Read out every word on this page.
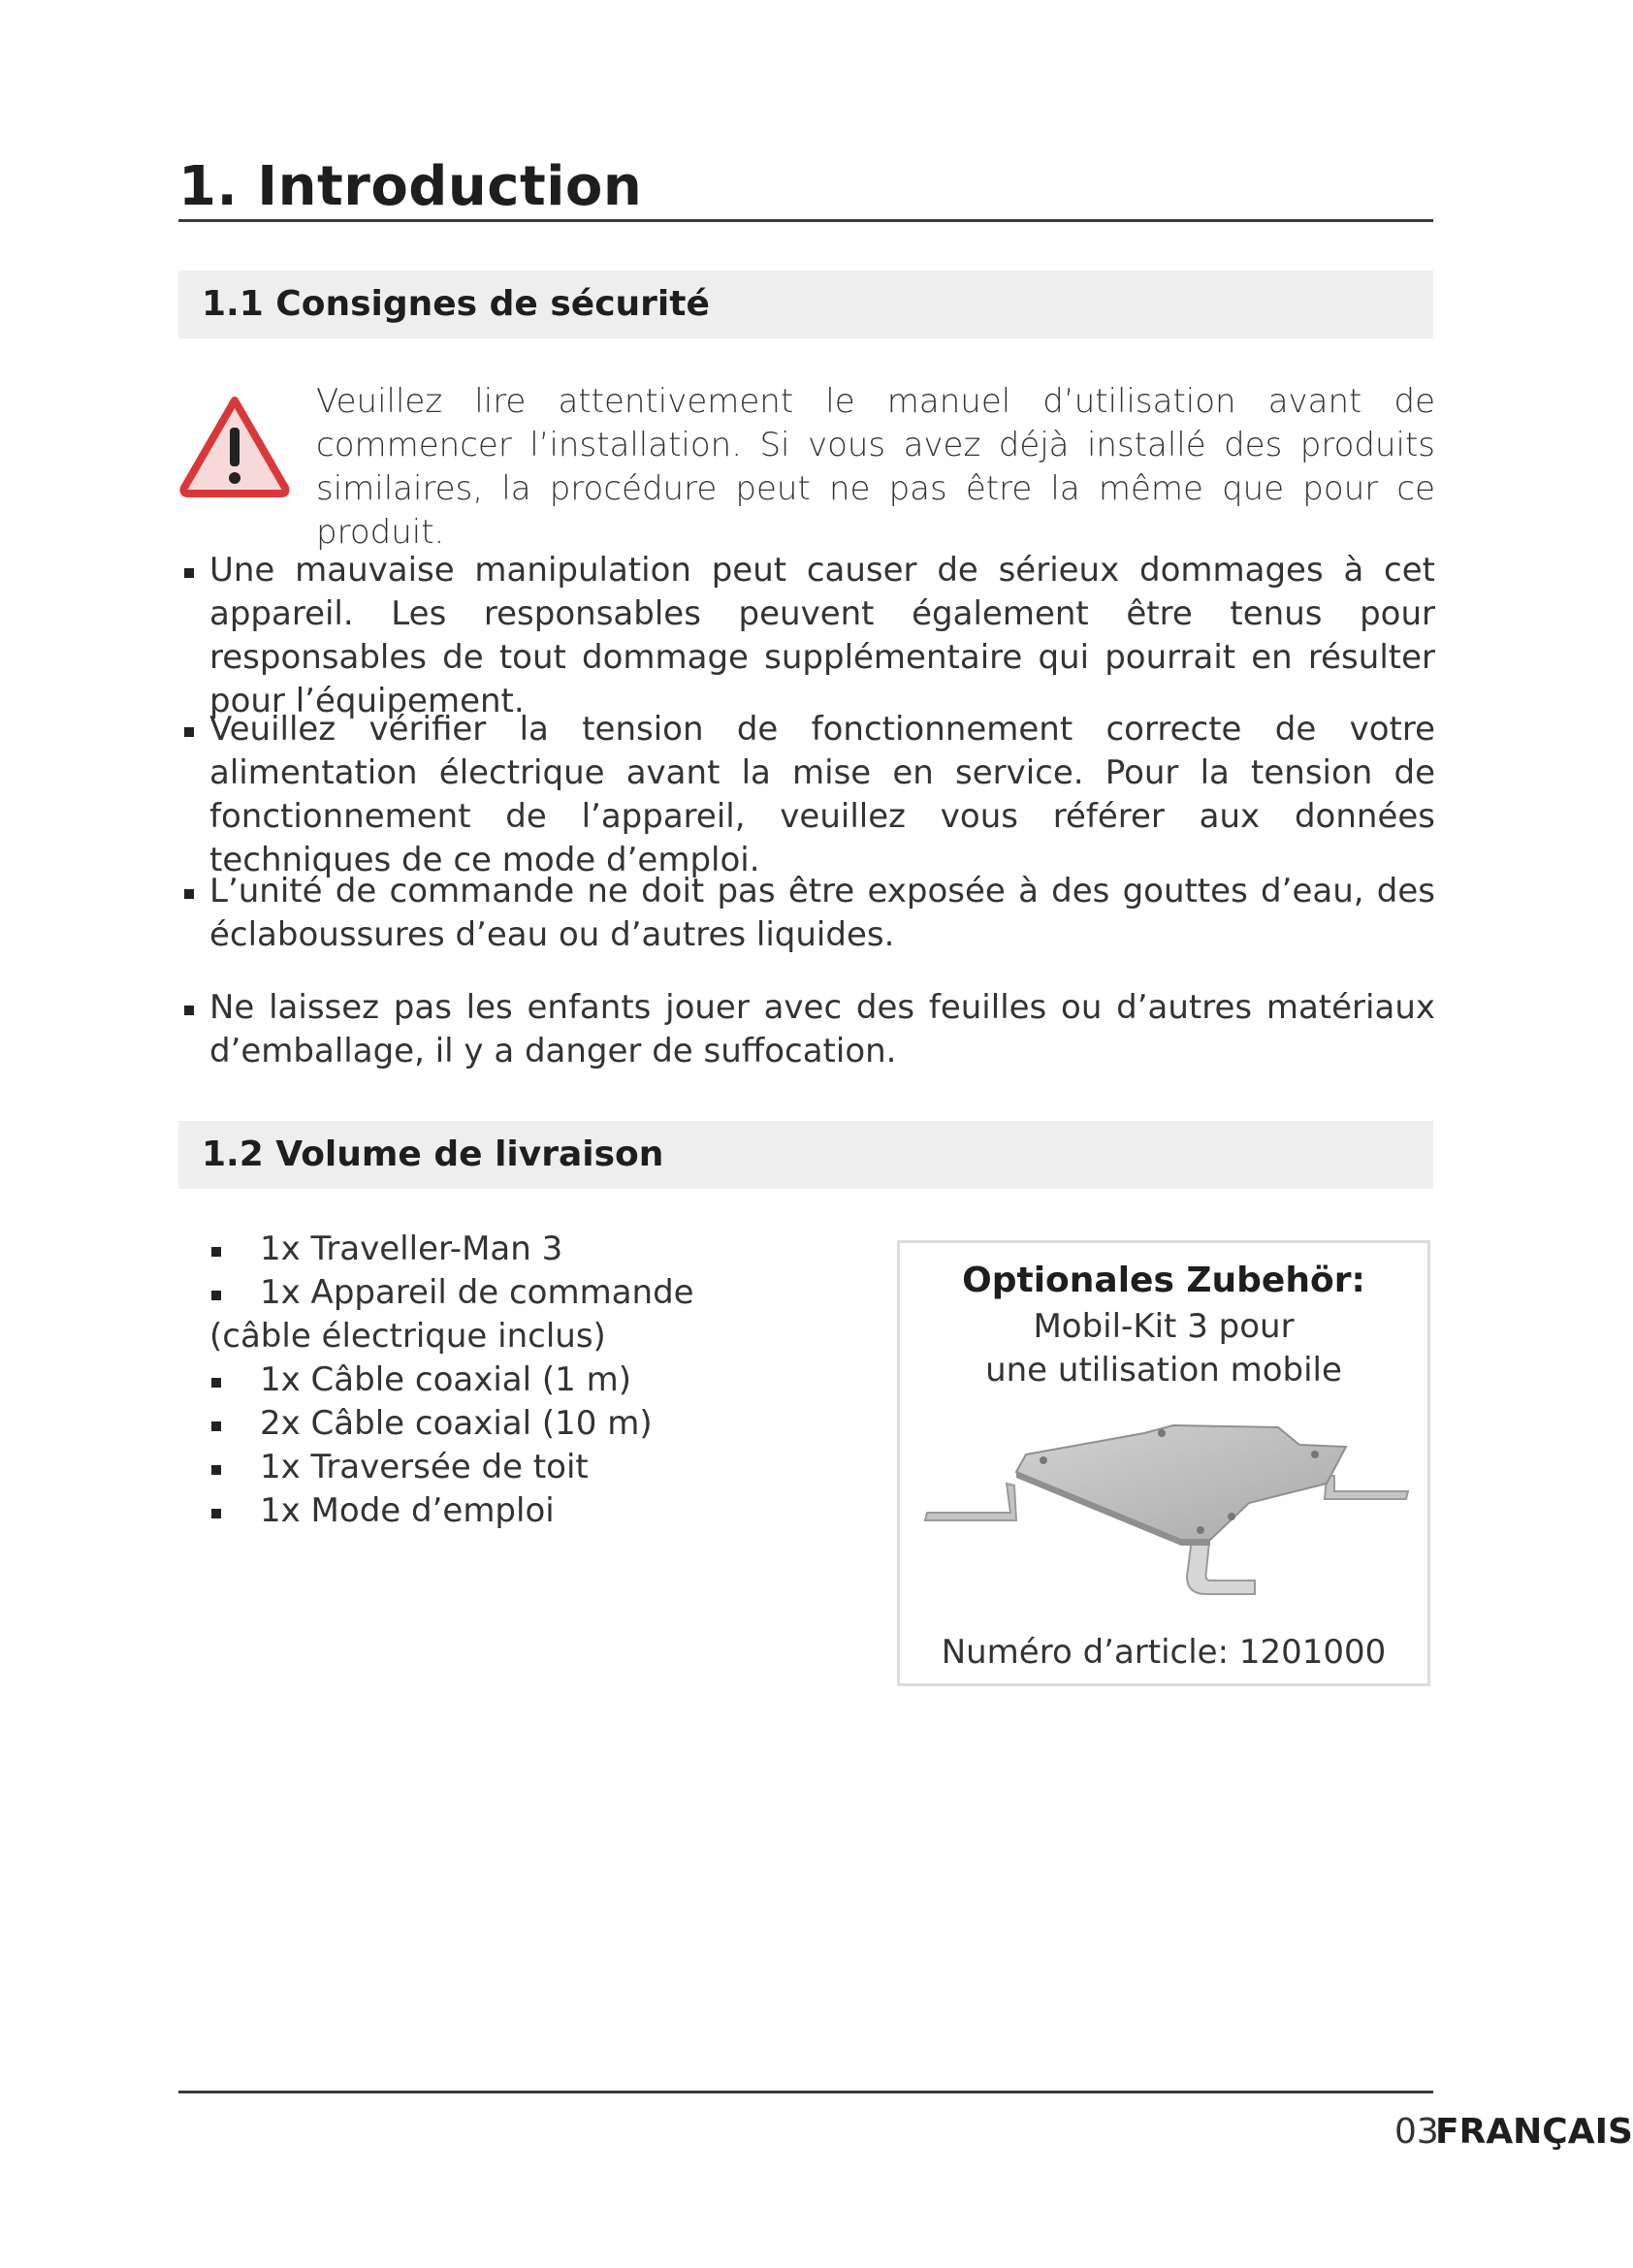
1. Introduction
1.1 Consignes de sécurité

Veuillez lire attentivement le manuel d’utilisation avant de commencer l’installation. Si vous avez déjà installé des produits similaires, la procédure peut ne pas être la même que pour ce produit.

Une mauvaise manipulation peut causer de sérieux dommages à cet appareil. Les responsables peuvent également être tenus pour responsables de tout dommage supplémentaire qui pourrait en résulter pour l’équipement.
Veuillez vérifier la tension de fonctionnement correcte de votre alimentation électrique avant la mise en service. Pour la tension de fonctionnement de l’appareil, veuillez vous référer aux données techniques de ce mode d’emploi.
L’unité de commande ne doit pas être exposée à des gouttes d’eau, des éclaboussures d’eau ou d’autres liquides.
Ne laissez pas les enfants jouer avec des feuilles ou d’autres matériaux d’emballage, il y a danger de suffocation.
1.2 Volume de livraison
1x Traveller-Man 3
1x Appareil de commande
(câble électrique inclus)
1x Câble coaxial (1 m)
2x Câble coaxial (10 m)
1x Traversée de toit
1x Mode d’emploi
Optionales Zubehör:
Mobil-Kit 3 pour
une utilisation mobile
Numéro d’article: 1201000
03
FRANÇAIS
